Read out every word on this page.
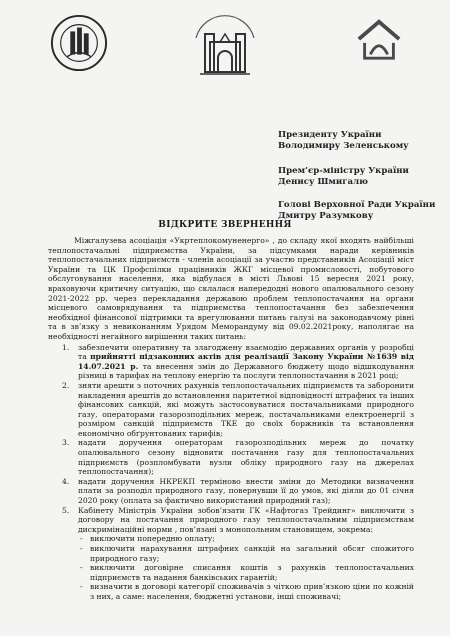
Президенту України
Володимиру Зеленському
Прем’єр-міністру України
Денису Шмигалю
Голові Верховної Ради України
Дмитру Разумкову
ВІДКРИТЕ ЗВЕРНЕННЯ

Міжгалузева асоціація «Укртеплокомуненерго» , до складу якої входять найбільші теплопостачальні підприємства України, за підсумками наради керівників теплопостачальних підприємств - членів асоціації за участю представників Асоціації міст України та ЦК Профспілки працівників ЖКГ місцевої промисловості, побутового обслуговування населення, яка відбулася в місті Львові 15 вересня 2021 року, враховуючи критичну ситуацію, що склалася напередодні нового опалювального сезону 2021-2022 рр. через перекладання державою проблем теплопостачання на органи місцевого самоврядування та підприємства теплопостачання без забезпечення необхідної фінансової підтримки та врегулювання питань галузі на законодавчому рівні та в зв’язку з невиконанням Урядом Меморандуму від 09.02.2021року, наполягає на необхідності негайного вирішення таких питань:

1. забезпечити оперативну та злагоджену взаємодію державних органів у розробці та прийнятті підзаконних актів для реалізації Закону України №1639 від 14.07.2021 р. та внесення змін до Державного бюджету щодо відшкодування різниці в тарифах на теплову енергію та послуги теплопостачання в 2021 році;
2. зняти арешти з поточних рахунків теплопостачальних підприємств та заборонити накладення арештів до встановлення паритетної відповідності штрафних та інших фінансових санкцій, які можуть застосовуватися постачальниками природного газу, операторами газорозподільних мереж, постачальниками електроенергії з розміром санкцій підприємств ТКЕ до своїх боржників та встановлення економічно обґрунтованих тарифів;
3. надати доручення операторам газорозподільних мереж до початку опалювального сезону відновити постачання газу для теплопостачальних підприємств (розпломбувати вузли обліку природного газу на джерелах теплопостачання);
4. надати доручення НКРЕКП терміново внести зміни до Методики визначення плати за розподіл природного газу, повернувши її до умов, які діяли до 01 січня 2020 року (оплата за фактично використаний природний газ);
5. Кабінету Міністрів України зобов’язати ГК «Нафтогаз Трейдинг» виключити з договору на постачання природного газу теплопостачальним підприємствам дискримінаційні норми , пов’язані з монопольним становищем, зокрема:
- виключити попередню оплату;
- виключити нарахування штрафних санкцій на загальний обсяг спожитого природного газу;
- виключити договірне списання коштів з рахунків теплопостачальних підприємств та надання банківських гарантій;
- визначити в договорі категорії споживачів з чіткою прив’язкою ціни по кожній з них, а саме: населення, бюджетні установи, інші споживачі;
